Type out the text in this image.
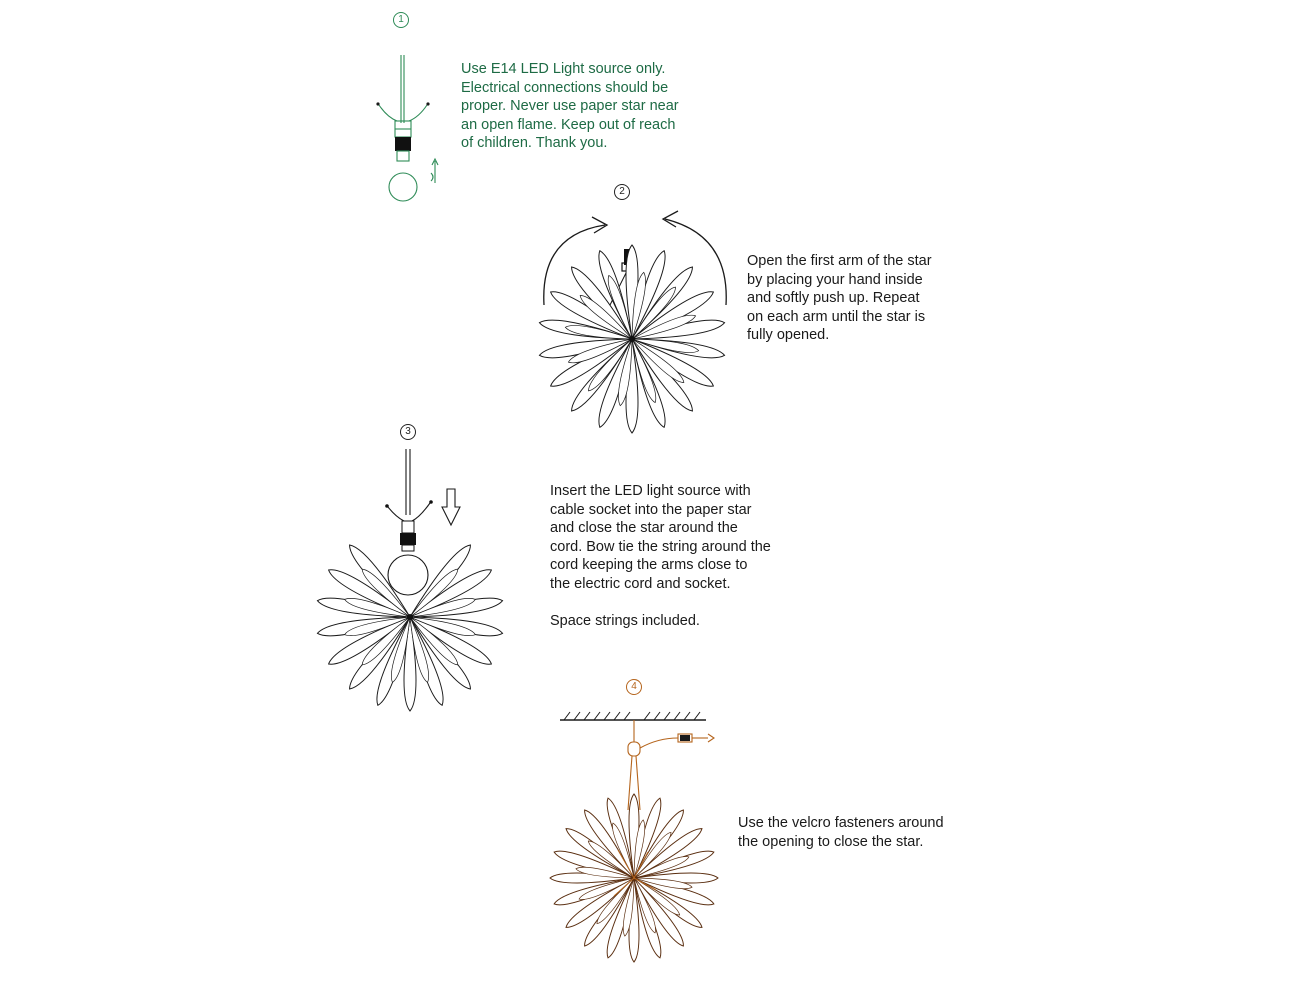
1
Use E14 LED Light source only.
Electrical connections should be
proper. Never use paper star near
an open flame. Keep out of reach
of children. Thank you.
2
Open the first arm of the star
by placing your hand inside
and softly push up. Repeat
on each arm until the star is
fully opened.
3
Insert the LED light source with
cable socket into the paper star
and close the star around the
cord. Bow tie the string around the
cord keeping the arms close to
the electric cord and socket.

Space strings included.
4
Use the velcro fasteners around
the opening to close the star.
